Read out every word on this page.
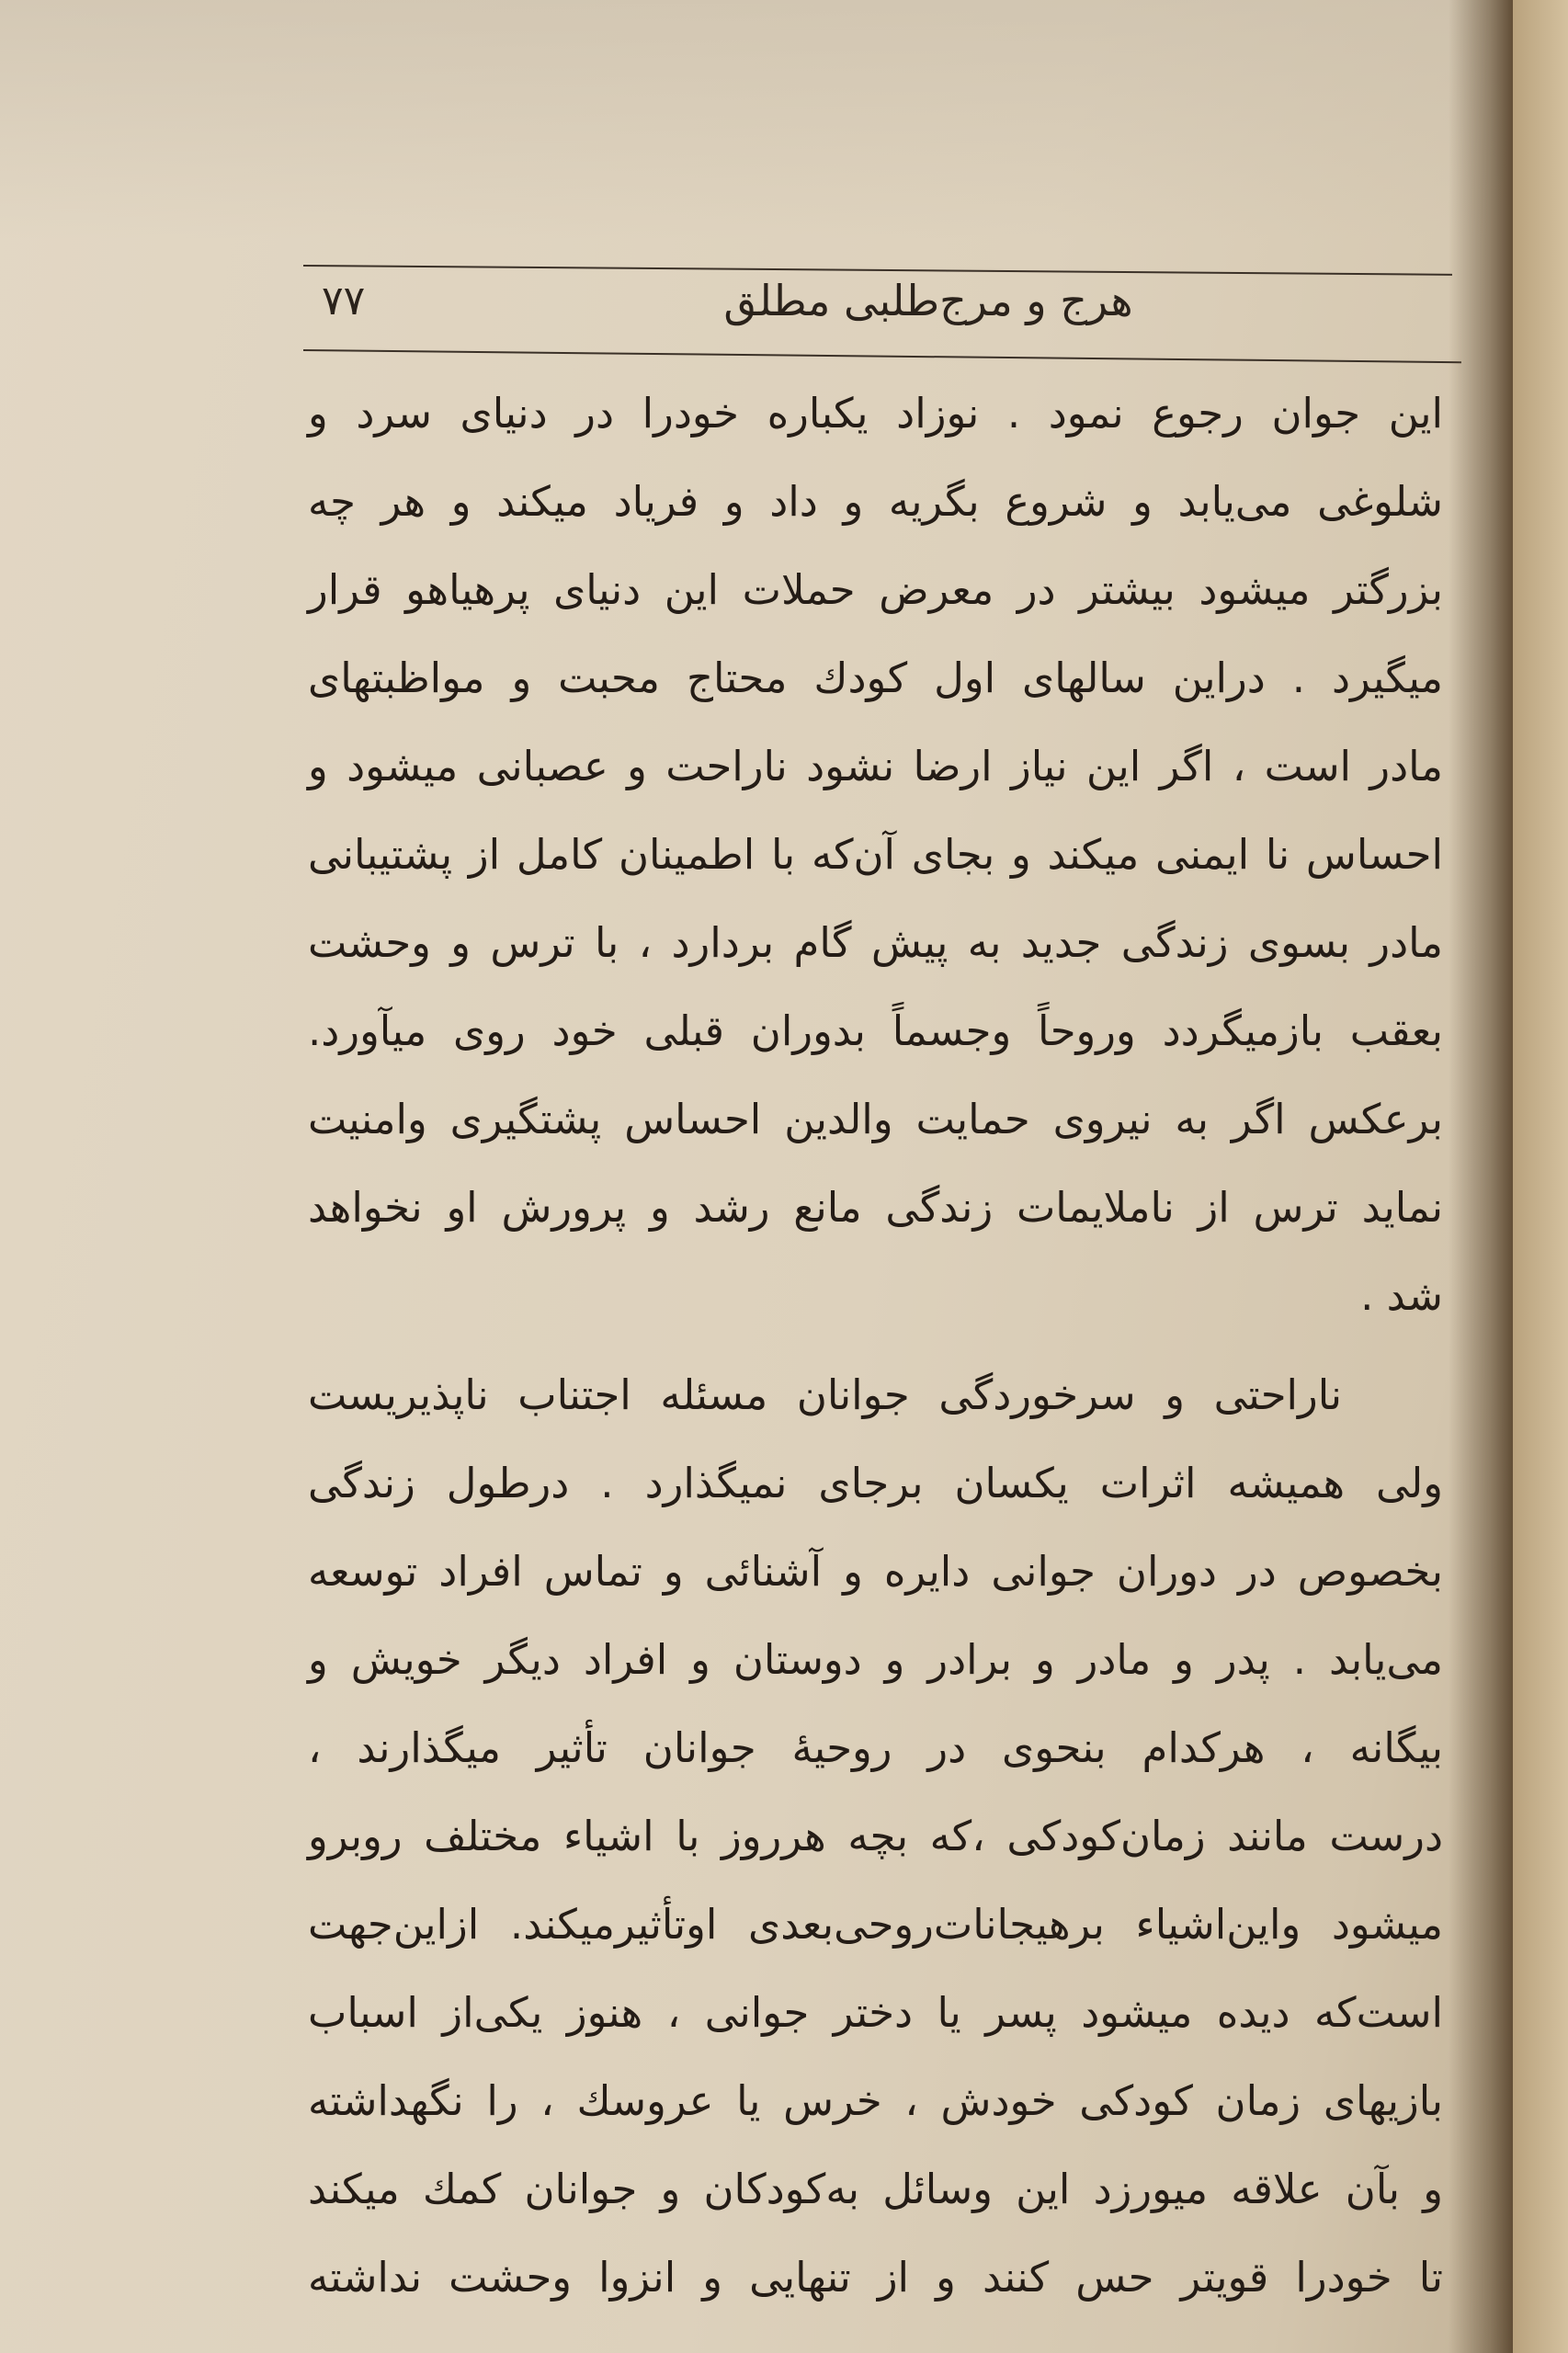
هرج و مرج‌طلبی مطلق
۷۷
این جوان رجوع نمود . نوزاد یکباره خودرا در دنیای سرد و
شلوغی می‌یابد و شروع بگریه و داد و فریاد میکند و هر چه
بزرگتر میشود بیشتر در معرض حملات این دنیای پرهیاهو قرار
میگیرد . دراین سالهای اول کودك محتاج محبت و مواظبتهای
مادر است ، اگر این نیاز ارضا نشود ناراحت و عصبانی میشود و
احساس نا ایمنی میکند و بجای آن‌که با اطمینان کامل از پشتیبانی
مادر بسوی زندگی جدید به پیش گام بردارد ، با ترس و وحشت
بعقب بازمیگردد وروحاً وجسماً بدوران قبلی خود روی میآورد.
برعکس اگر به نیروی حمایت والدین احساس پشتگیری وامنیت
نماید ترس از ناملایمات زندگی مانع رشد و پرورش او نخواهد
شد .
ناراحتی و سرخوردگی جوانان مسئله اجتناب ناپذیریست
ولی همیشه اثرات یکسان برجای نمیگذارد . درطول زندگی
بخصوص در دوران جوانی دایره و آشنائی و تماس افراد توسعه
می‌یابد . پدر و مادر و برادر و دوستان و افراد دیگر خویش و
بیگانه ، هرکدام بنحوی در روحیهٔ جوانان تأثیر میگذارند ،
درست مانند زمان‌کودکی ،که بچه هرروز با اشیاء مختلف روبرو
میشود واین‌اشیاء برهیجانات‌روحی‌بعدی اوتأثیرمیکند. ازاین‌جهت
است‌که دیده میشود پسر یا دختر جوانی ، هنوز یکی‌از اسباب
بازیهای زمان کودکی خودش ، خرس یا عروسك ، را نگهداشته
و بآن علاقه میورزد این وسائل به‌کودکان و جوانان کمك میکند
تا خودرا قویتر حس کنند و از تنهایی و انزوا وحشت نداشته
